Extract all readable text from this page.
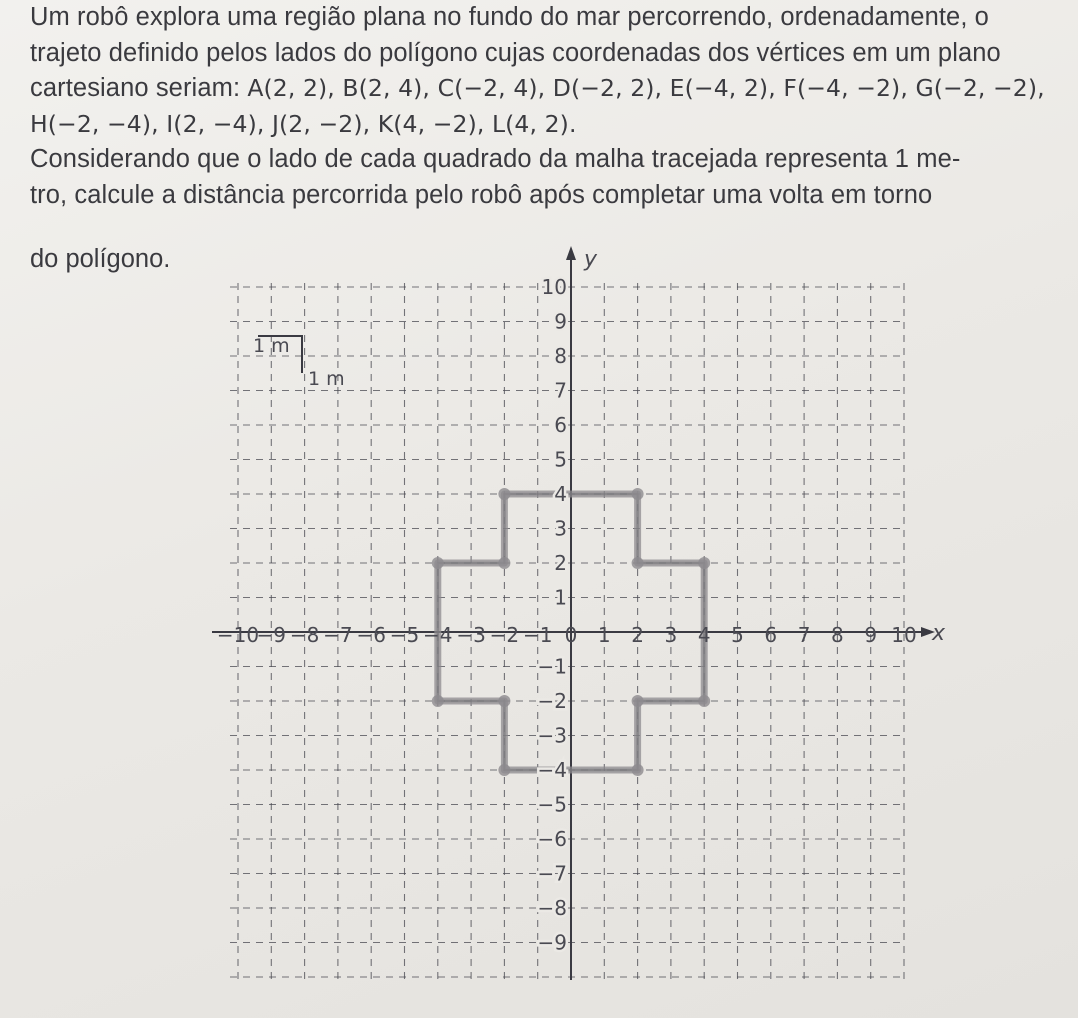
Um robô explora uma região plana no fundo do mar percorrendo, ordenadamente, o

trajeto definido pelos lados do polígono cujas coordenadas dos vértices em um plano

cartesiano seriam: A(2, 2), B(2, 4), C(−2, 4), D(−2, 2), E(−4, 2), F(−4, −2), G(−2, −2),

H(−2, −4), I(2, −4), J(2, −2), K(4, −2), L(4, 2).

Considerando que o lado de cada quadrado da malha tracejada representa 1 me-

tro, calcule a distância percorrida pelo robô após completar uma volta em torno

do polígono.
1 m
1 m
−10
−9 −8 −7 −6 −5 −4 −3 −2 −1 0 1 2 3 4 5 6 7 8 9 10
10
9
8
7
6
5
4
3
2
1
−1
−2
−3
−4
−5
−6
−7
−8
−9
x
y
